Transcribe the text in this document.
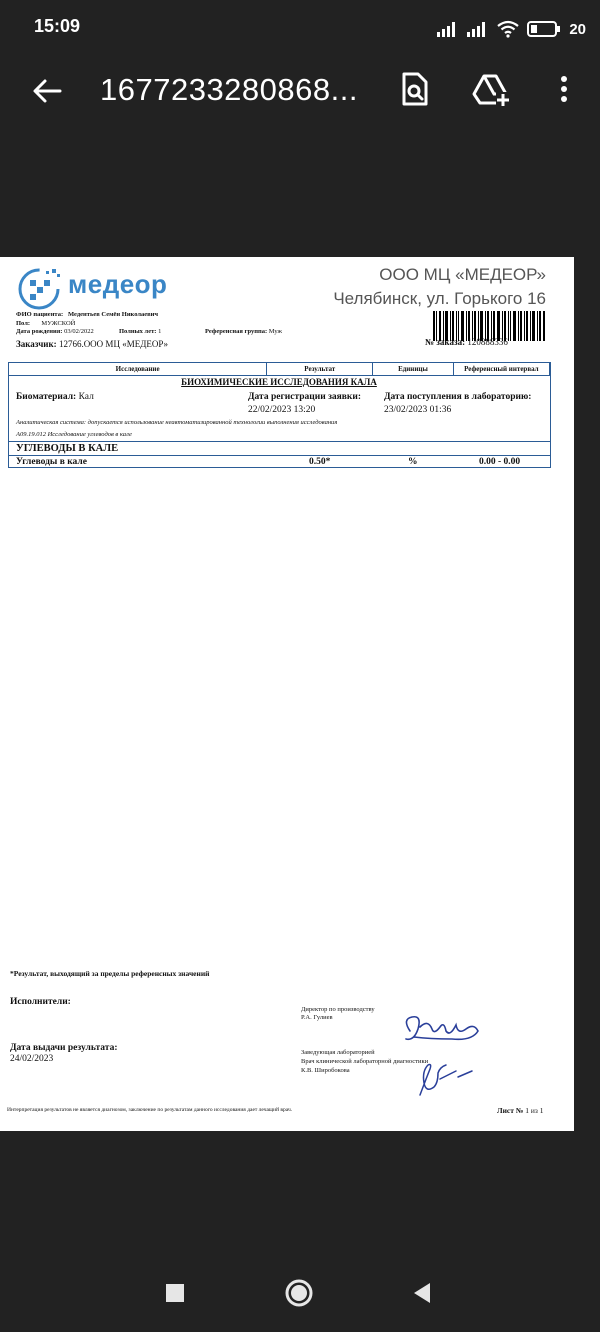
15:09	20
1677233280868...
медеор	ООО МЦ «МЕДЕОР»
Челябинск, ул. Горького 16
№ заказа: 120888336
ФИО пациента: Медентьев Семён Николаевич
Пол: МУЖСКОЙ
Дата рождения: 03/02/2022	Полных лет: 1	Референсная группа: Муж
Заказчик: 12766.ООО МЦ «МЕДЕОР»
Исследование	Результат	Единицы	Референсный интервал
БИОХИМИЧЕСКИЕ ИССЛЕДОВАНИЯ КАЛА
Биоматериал: Кал	Дата регистрации заявки:
22/02/2023 13:20
Дата поступления в лабораторию:
23/02/2023 01:36
Аналитическая система: допускается использование неавтоматизированной технологии выполнения исследования
A09.19.012 Исследование углеводов в кале
УГЛЕВОДЫ В КАЛЕ
Углеводы в кале	0.50*	%	0.00 - 0.00
*Результат, выходящий за пределы референсных значений
Исполнители:
Директор по производству
Р.А. Гулиев
Дата выдачи результата:
24/02/2023
Заведующая лабораторией
Врач клинической лабораторной диагностики
К.В. Широбокова
Интерпретация результатов не является диагнозом, заключение по результатам данного исследования дает лечащий врач.	Лист № 1 из 1
